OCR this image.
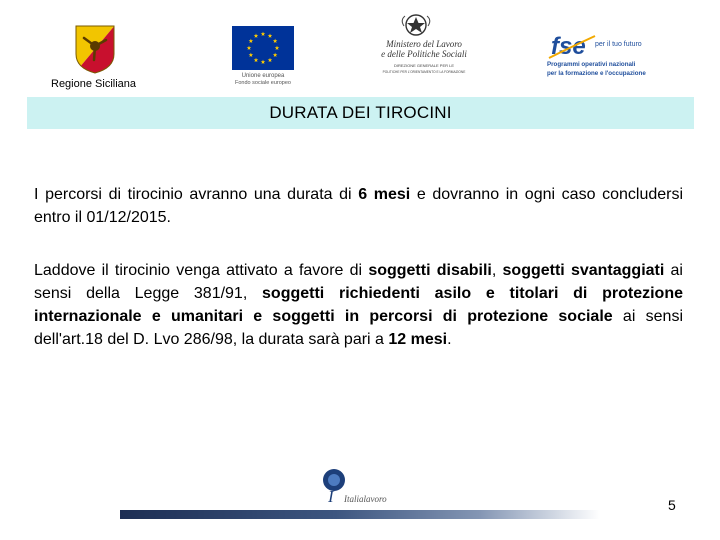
Regione Siciliana
Unione europea
Fondo sociale europeo
Ministero del Lavoro
e delle Politiche Sociali
DIREZIONE GENERALE PER LE
POLITICHE PER L'ORIENTAMENTO E LA FORMAZIONE
fse per il tuo futuro
Programmi operativi nazionali
per la formazione e l'occupazione
DURATA DEI TIROCINI

I percorsi di tirocinio avranno una durata di 6 mesi e dovranno in ogni caso concludersi entro il 01/12/2015.

Laddove il tirocinio venga attivato a favore di soggetti disabili, soggetti svantaggiati ai sensi della Legge 381/91, soggetti richiedenti asilo e titolari di protezione internazionale e umanitari e soggetti in percorsi di protezione sociale ai sensi dell'art.18 del D. Lvo 286/98, la durata sarà pari a 12 mesi.

I Italialavoro	5
